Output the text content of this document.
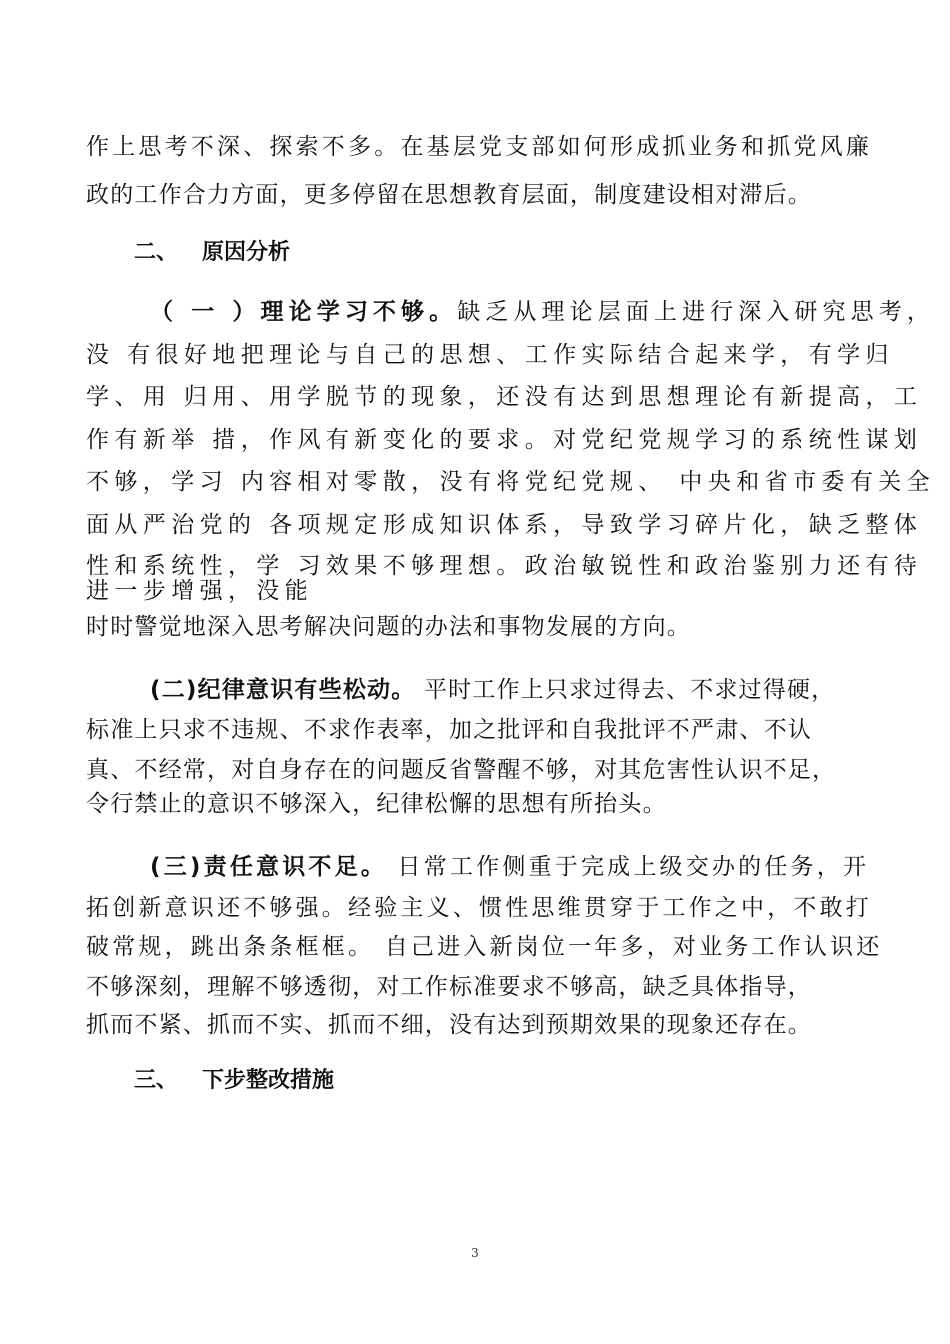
作上思考不深、探索不多。在基层党支部如何形成抓业务和抓党风廉
政的工作合力方面，更多停留在思想教育层面，制度建设相对滞后。
二、 原因分析
（ 一 ）理论学习不够。缺乏从理论层面上进行深入研究思考，
没 有很好地把理论与自己的思想、工作实际结合起来学，有学归
学、用 归用、用学脱节的现象，还没有达到思想理论有新提高，工
作有新举 措，作风有新变化的要求。对党纪党规学习的系统性谋划
不够，学习 内容相对零散，没有将党纪党规、 中央和省市委有关全
面从严治党的 各项规定形成知识体系，导致学习碎片化，缺乏整体
性和系统性，学 习效果不够理想。政治敏锐性和政治鉴别力还有待
进一步增强，没能
时时警觉地深入思考解决问题的办法和事物发展的方向。
(二)纪律意识有些松动。 平时工作上只求过得去、不求过得硬，
标准上只求不违规、不求作表率，加之批评和自我批评不严肃、不认
真、不经常，对自身存在的问题反省警醒不够，对其危害性认识不足，
令行禁止的意识不够深入，纪律松懈的思想有所抬头。
(三)责任意识不足。 日常工作侧重于完成上级交办的任务，开
拓创新意识还不够强。经验主义、惯性思维贯穿于工作之中，不敢打
破常规，跳出条条框框。 自己进入新岗位一年多，对业务工作认识还
不够深刻，理解不够透彻，对工作标准要求不够高，缺乏具体指导，
抓而不紧、抓而不实、抓而不细，没有达到预期效果的现象还存在。
三、 下步整改措施
3
